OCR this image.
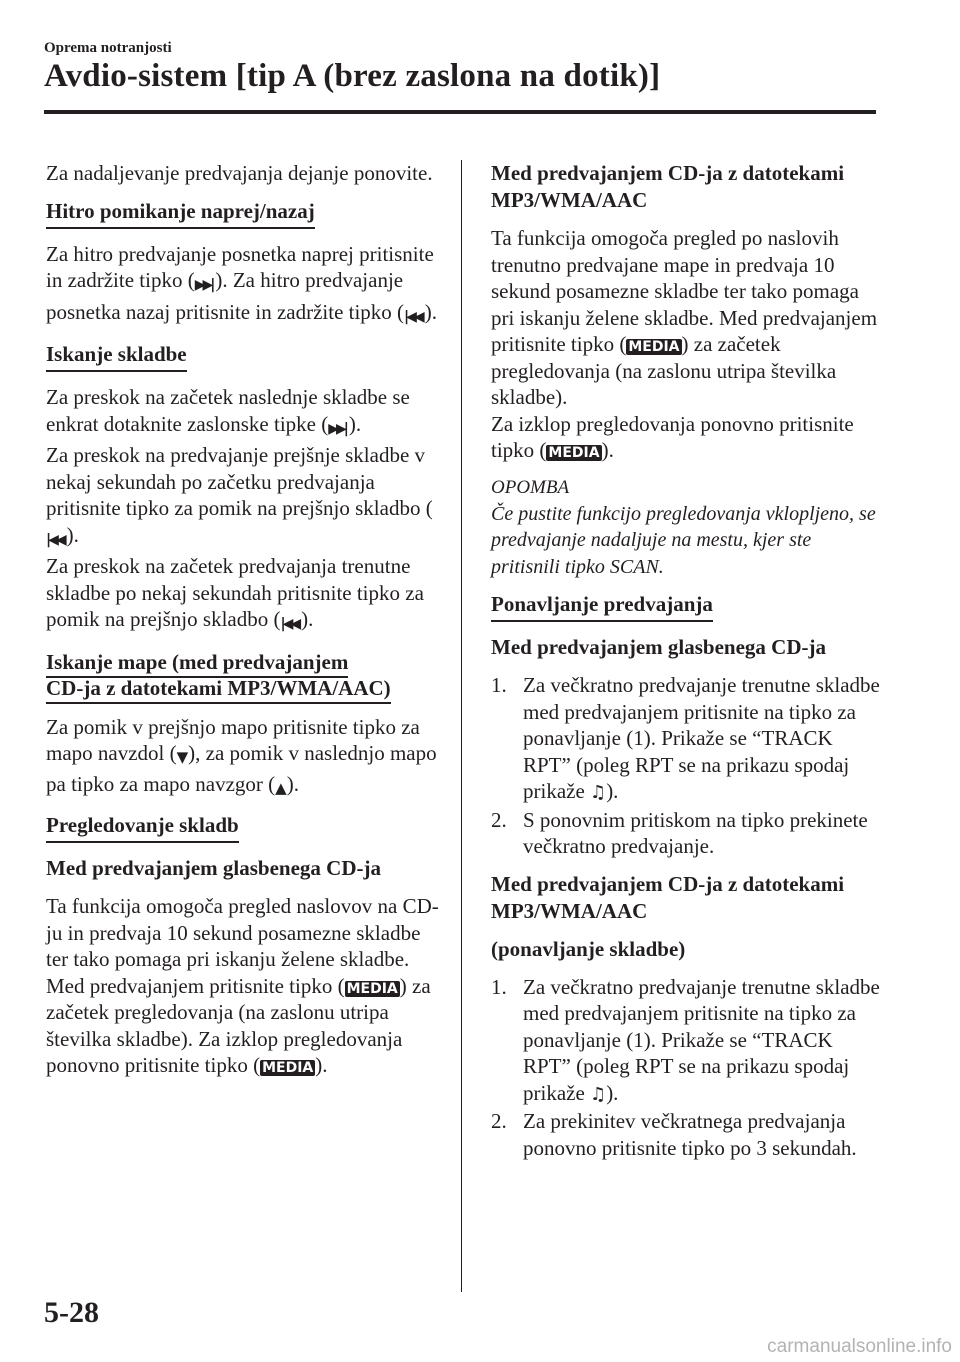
Oprema notranjosti
Avdio-sistem [tip A (brez zaslona na dotik)]

Za nadaljevanje predvajanja dejanje ponovite.

Hitro pomikanje naprej/nazaj

Za hitro predvajanje posnetka naprej pritisnite in zadržite tipko (▶▶| ). Za hitro predvajanje posnetka nazaj pritisnite in zadržite tipko (|◀◀ ).

Iskanje skladbe

Za preskok na začetek naslednje skladbe se enkrat dotaknite zaslonske tipke (▶▶| ).

Za preskok na predvajanje prejšnje skladbe v nekaj sekundah po začetku predvajanja pritisnite tipko za pomik na prejšnjo skladbo (|◀◀ ).

Za preskok na začetek predvajanja trenutne skladbe po nekaj sekundah pritisnite tipko za pomik na prejšnjo skladbo (|◀◀ ).

Iskanje mape (med predvajanjem
CD-ja z datotekami MP3/WMA/AAC)

Za pomik v prejšnjo mapo pritisnite tipko za mapo navzdol (▼), za pomik v naslednjo mapo pa tipko za mapo navzgor (▲).

Pregledovanje skladb

Med predvajanjem glasbenega CD-ja

Ta funkcija omogoča pregled naslovov na CD-ju in predvaja 10 sekund posamezne skladbe ter tako pomaga pri iskanju želene skladbe.

Med predvajanjem pritisnite tipko ( MEDIA) za začetek pregledovanja (na zaslonu utripa številka skladbe). Za izklop pregledovanja ponovno pritisnite tipko ( MEDIA).

Med predvajanjem CD-ja z datotekami MP3/WMA/AAC

Ta funkcija omogoča pregled po naslovih trenutno predvajane mape in predvaja 10 sekund posamezne skladbe ter tako pomaga pri iskanju želene skladbe. Med predvajanjem pritisnite tipko ( MEDIA) za začetek pregledovanja (na zaslonu utripa številka skladbe).

Za izklop pregledovanja ponovno pritisnite tipko ( MEDIA).

OPOMBA

Če pustite funkcijo pregledovanja vklopljeno, se predvajanje nadaljuje na mestu, kjer ste pritisnili tipko SCAN.

Ponavljanje predvajanja

Med predvajanjem glasbenega CD-ja

1. Za večkratno predvajanje trenutne skladbe med predvajanjem pritisnite na tipko za ponavljanje (1). Prikaže se “TRACK RPT” (poleg RPT se na prikazu spodaj prikaže ♫).
2. S ponovnim pritiskom na tipko prekinete večkratno predvajanje.

Med predvajanjem CD-ja z datotekami MP3/WMA/AAC

(ponavljanje skladbe)

1. Za večkratno predvajanje trenutne skladbe med predvajanjem pritisnite na tipko za ponavljanje (1). Prikaže se “TRACK RPT” (poleg RPT se na prikazu spodaj prikaže ♫).
2. Za prekinitev večkratnega predvajanja ponovno pritisnite tipko po 3 sekundah.
5-28
carmanualsonline.info
